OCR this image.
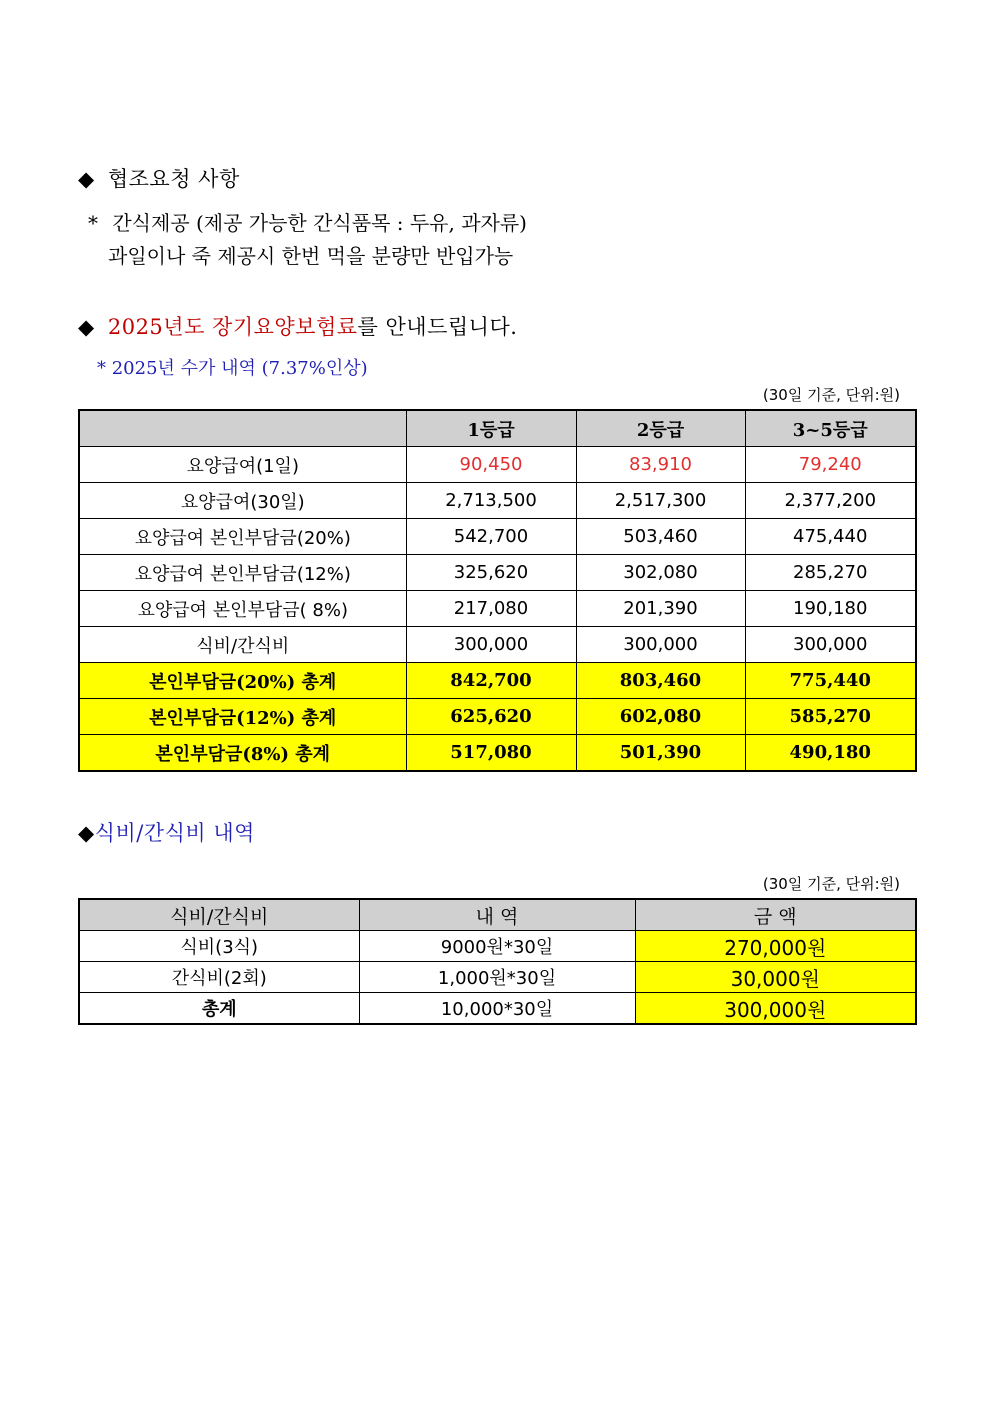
◆ 협조요청 사항
* 간식제공 (제공 가능한 간식품목 : 두유, 과자류)
과일이나 죽 제공시 한번 먹을 분량만 반입가능
◆ 2025년도 장기요양보험료를 안내드립니다.
* 2025년 수가 내역 (7.37%인상)
(30일 기준, 단위:원)
	1등급	2등급	3~5등급
요양급여(1일)	90,450	83,910	79,240
요양급여(30일)	2,713,500	2,517,300	2,377,200
요양급여 본인부담금(20%)	542,700	503,460	475,440
요양급여 본인부담금(12%)	325,620	302,080	285,270
요양급여 본인부담금( 8%)	217,080	201,390	190,180
식비/간식비	300,000	300,000	300,000
본인부담금(20%) 총계	842,700	803,460	775,440
본인부담금(12%) 총계	625,620	602,080	585,270
본인부담금(8%) 총계	517,080	501,390	490,180
◆식비/간식비 내역
(30일 기준, 단위:원)
식비/간식비	내 역	금 액
식비(3식)	9000원*30일	270,000원
간식비(2회)	1,000원*30일	30,000원
총계	10,000*30일	300,000원
